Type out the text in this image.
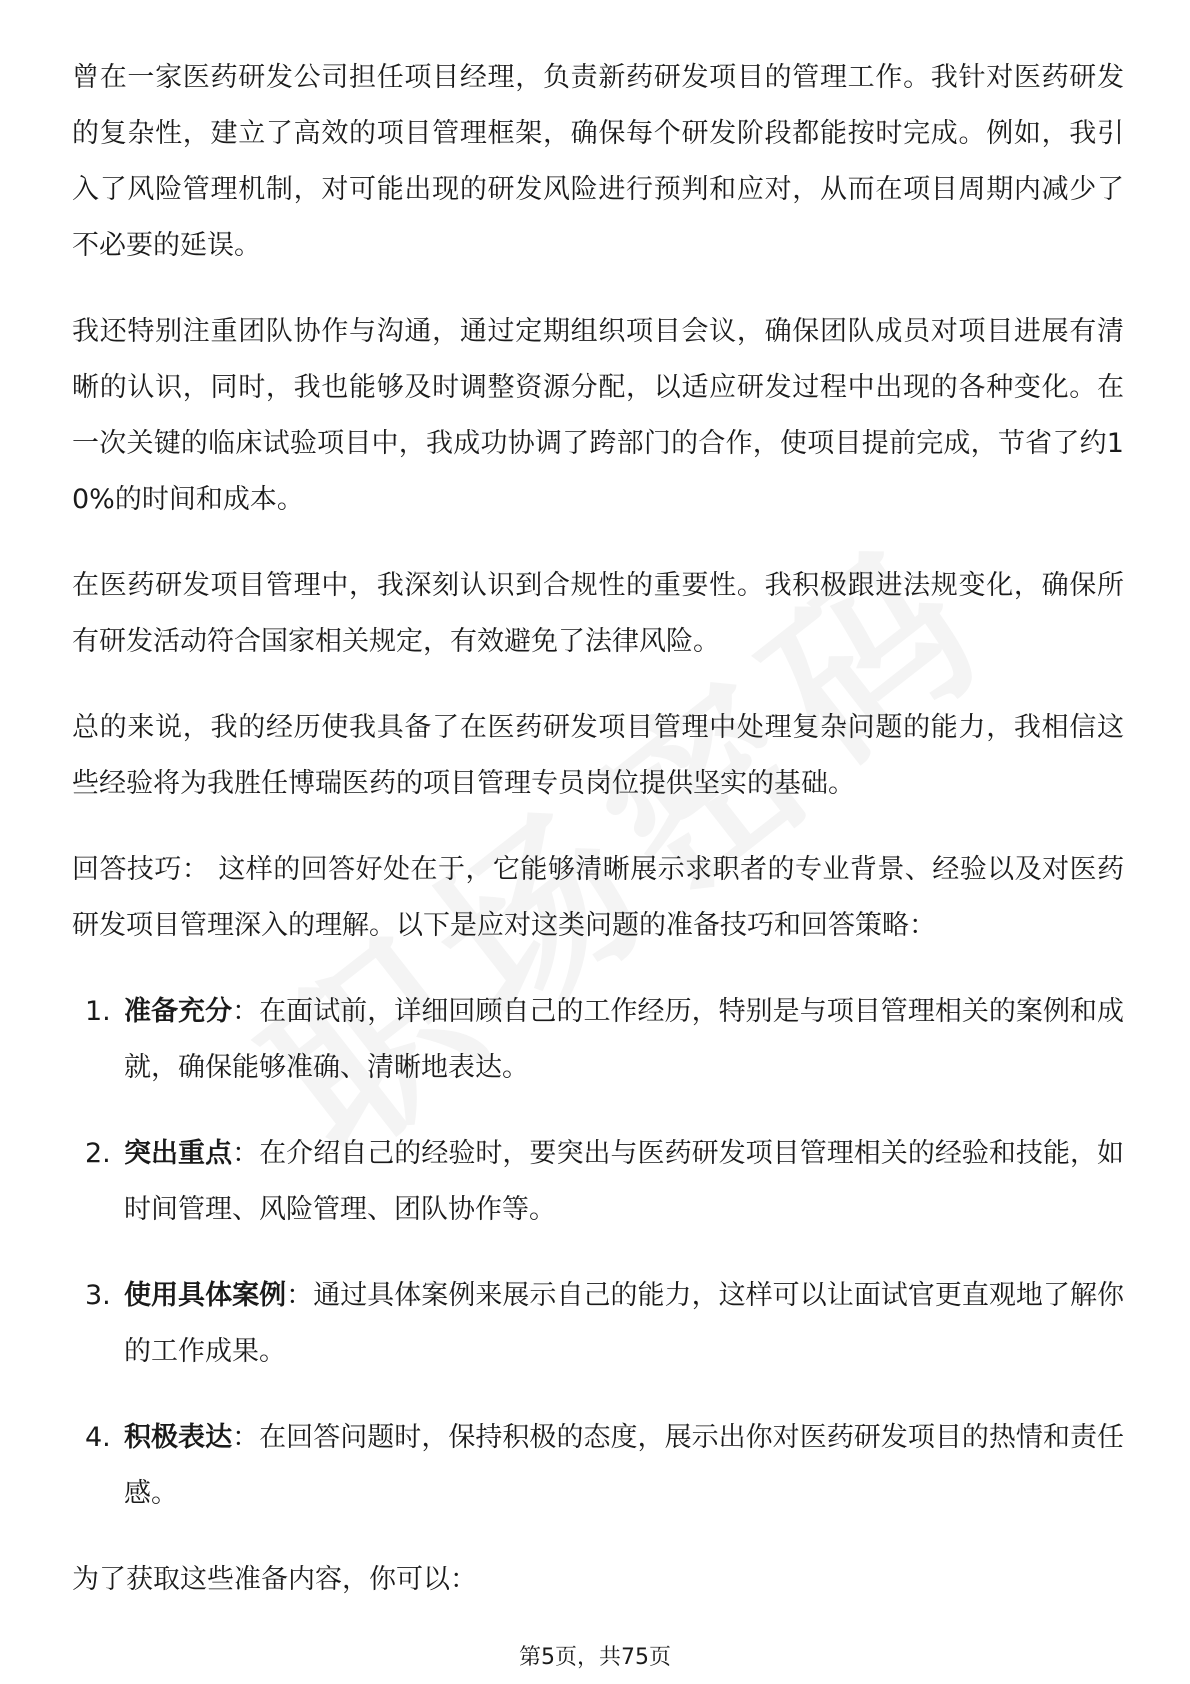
曾在一家医药研发公司担任项目经理，负责新药研发项目的管理工作。我针对医药研发的复杂性，建立了高效的项目管理框架，确保每个研发阶段都能按时完成。例如，我引入了风险管理机制，对可能出现的研发风险进行预判和应对，从而在项目周期内减少了不必要的延误。

我还特别注重团队协作与沟通，通过定期组织项目会议，确保团队成员对项目进展有清晰的认识，同时，我也能够及时调整资源分配，以适应研发过程中出现的各种变化。在一次关键的临床试验项目中，我成功协调了跨部门的合作，使项目提前完成，节省了约10%的时间和成本。

在医药研发项目管理中，我深刻认识到合规性的重要性。我积极跟进法规变化，确保所有研发活动符合国家相关规定，有效避免了法律风险。

总的来说，我的经历使我具备了在医药研发项目管理中处理复杂问题的能力，我相信这些经验将为我胜任博瑞医药的项目管理专员岗位提供坚实的基础。

回答技巧： 这样的回答好处在于，它能够清晰展示求职者的专业背景、经验以及对医药研发项目管理深入的理解。以下是应对这类问题的准备技巧和回答策略：

1. 准备充分：在面试前，详细回顾自己的工作经历，特别是与项目管理相关的案例和成就，确保能够准确、清晰地表达。
2. 突出重点：在介绍自己的经验时，要突出与医药研发项目管理相关的经验和技能，如时间管理、风险管理、团队协作等。
3. 使用具体案例：通过具体案例来展示自己的能力，这样可以让面试官更直观地了解你的工作成果。
4. 积极表达：在回答问题时，保持积极的态度，展示出你对医药研发项目的热情和责任感。

为了获取这些准备内容，你可以：

第5页，共75页
